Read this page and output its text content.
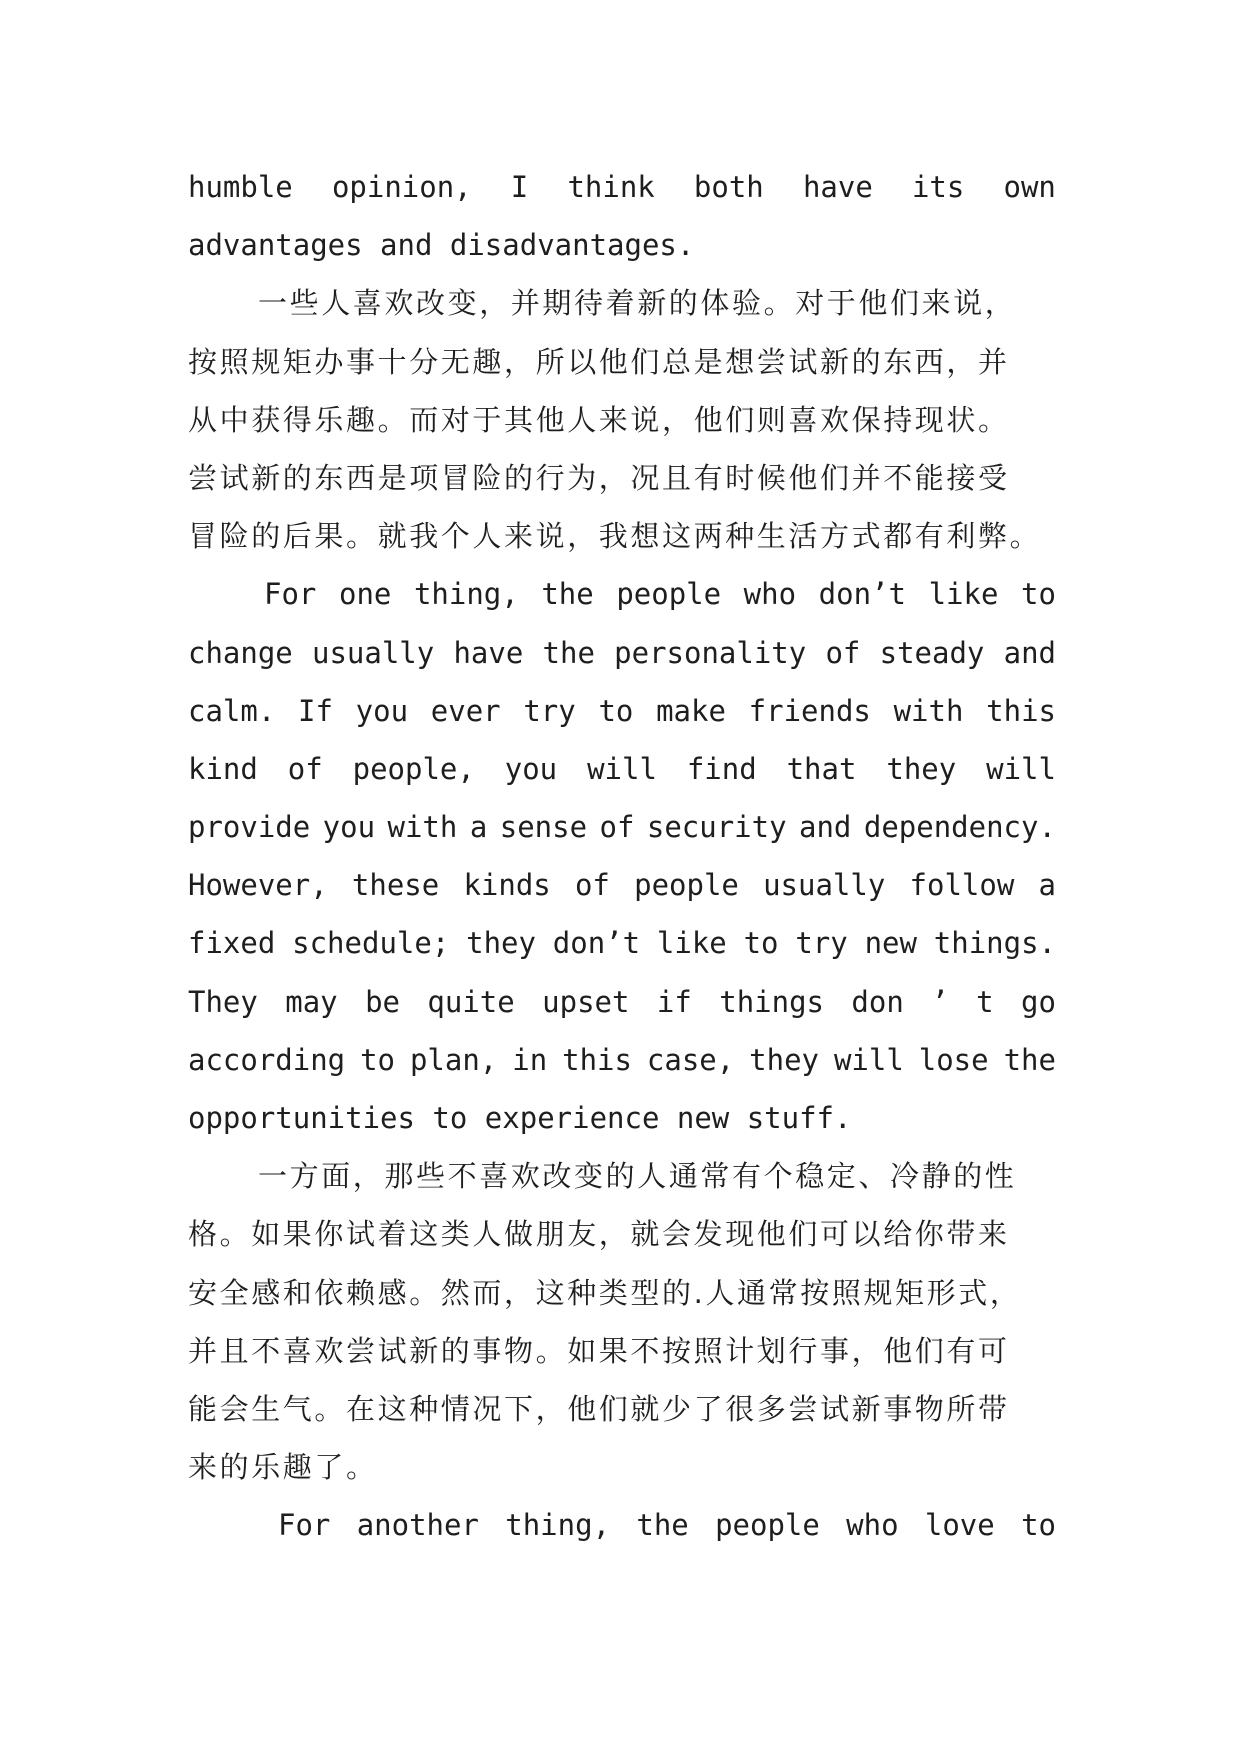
humble opinion, I think both have its own
advantages and disadvantages.
一些人喜欢改变，并期待着新的体验。对于他们来说，
按照规矩办事十分无趣，所以他们总是想尝试新的东西，并
从中获得乐趣。而对于其他人来说，他们则喜欢保持现状。
尝试新的东西是项冒险的行为，况且有时候他们并不能接受
冒险的后果。就我个人来说，我想这两种生活方式都有利弊。
For one thing, the people who don’t like to
change usually have the personality of steady and
calm. If you ever try to make friends with this
kind of people, you will find that they will
provide you with a sense of security and dependency.
However, these kinds of people usually follow a
fixed schedule; they don’t like to try new things.
They may be quite upset if things don ’ t go
according to plan, in this case, they will lose the
opportunities to experience new stuff.
一方面，那些不喜欢改变的人通常有个稳定、冷静的性
格。如果你试着这类人做朋友，就会发现他们可以给你带来
安全感和依赖感。然而，这种类型的.人通常按照规矩形式，
并且不喜欢尝试新的事物。如果不按照计划行事，他们有可
能会生气。在这种情况下，他们就少了很多尝试新事物所带
来的乐趣了。
For another thing, the people who love to
